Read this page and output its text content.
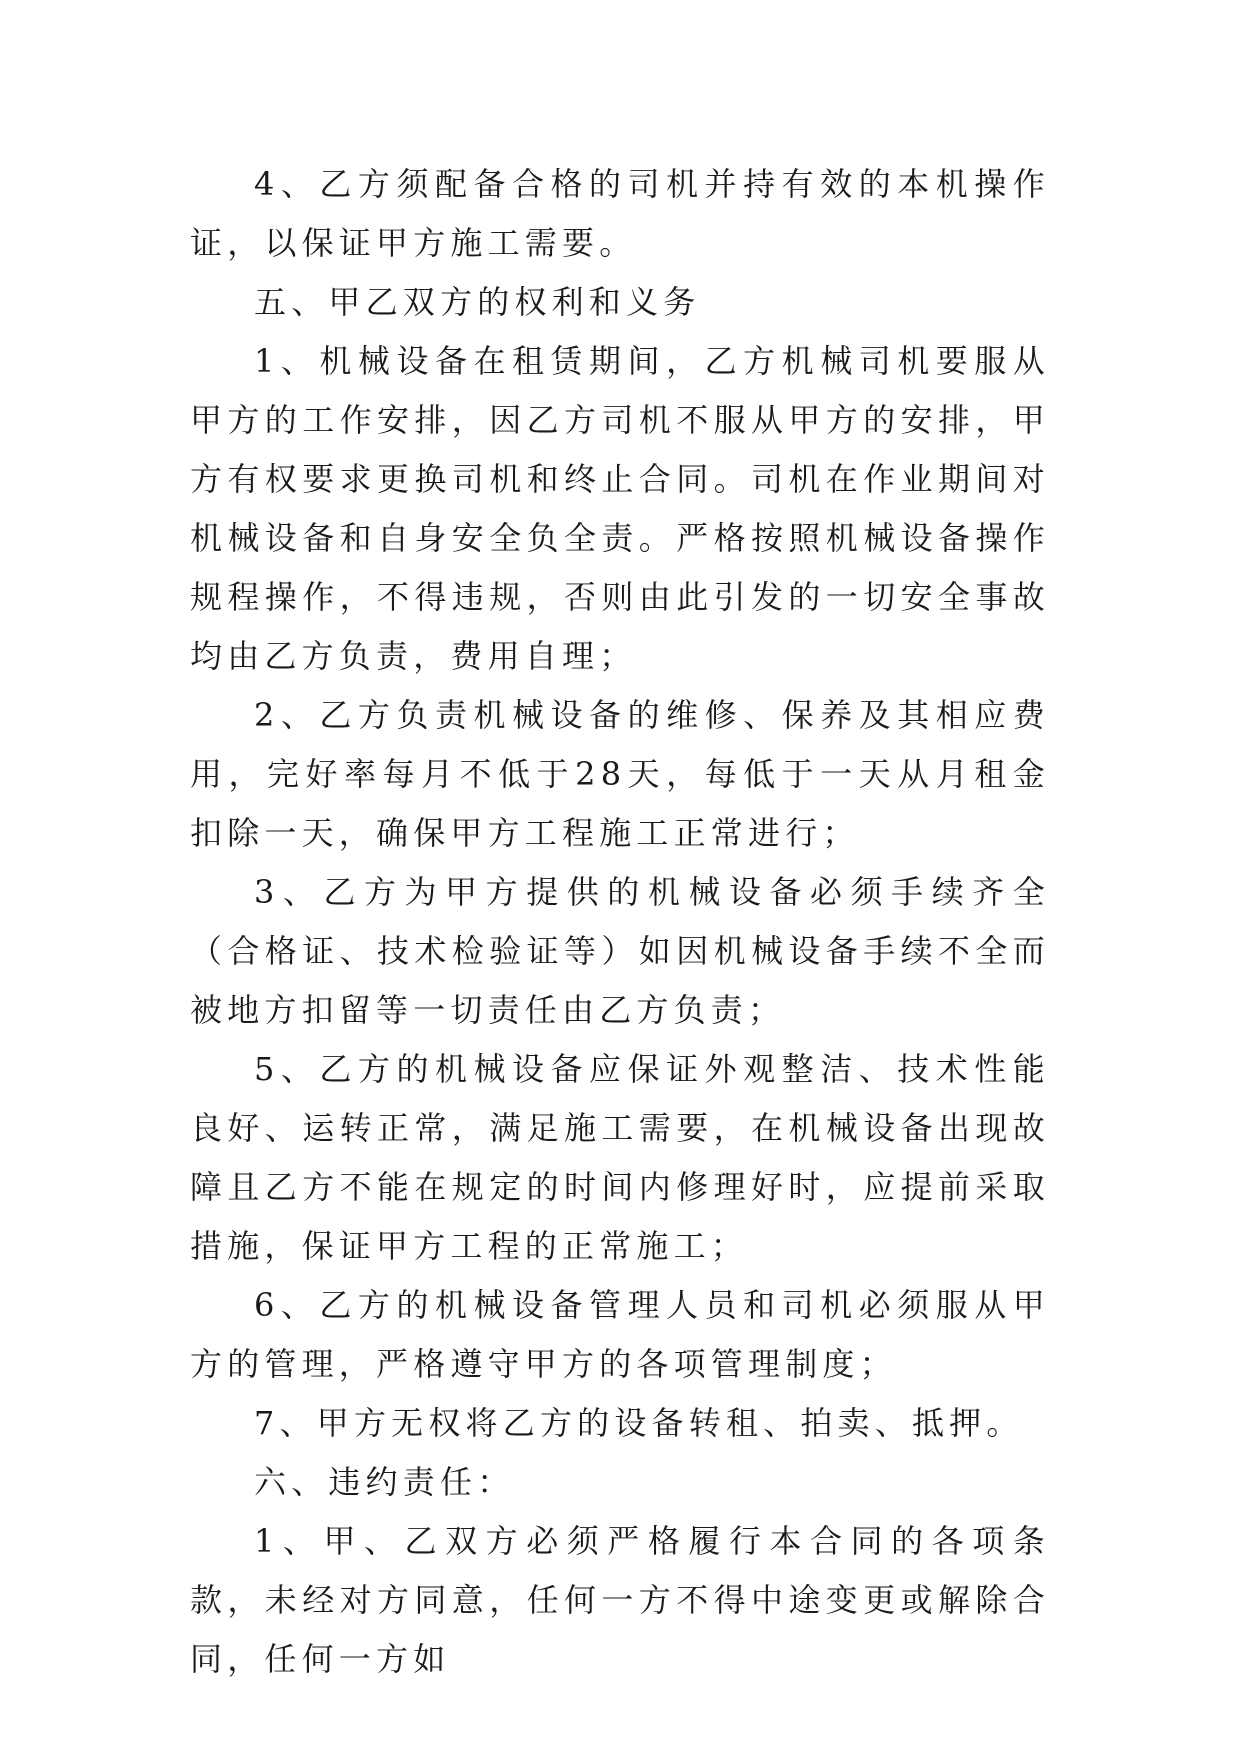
4、乙方须配备合格的司机并持有效的本机操作证，以保证甲方施工需要。

五、甲乙双方的权利和义务

1、机械设备在租赁期间，乙方机械司机要服从甲方的工作安排，因乙方司机不服从甲方的安排，甲方有权要求更换司机和终止合同。司机在作业期间对机械设备和自身安全负全责。严格按照机械设备操作规程操作，不得违规，否则由此引发的一切安全事故均由乙方负责，费用自理；

2、乙方负责机械设备的维修、保养及其相应费用，完好率每月不低于28天，每低于一天从月租金扣除一天，确保甲方工程施工正常进行；

3、乙方为甲方提供的机械设备必须手续齐全（合格证、技术检验证等）如因机械设备手续不全而被地方扣留等一切责任由乙方负责；

5、乙方的机械设备应保证外观整洁、技术性能良好、运转正常，满足施工需要，在机械设备出现故障且乙方不能在规定的时间内修理好时，应提前采取措施，保证甲方工程的正常施工；

6、乙方的机械设备管理人员和司机必须服从甲方的管理，严格遵守甲方的各项管理制度；

7、甲方无权将乙方的设备转租、拍卖、抵押。

六、违约责任：

1、甲、乙双方必须严格履行本合同的各项条款，未经对方同意，任何一方不得中途变更或解除合同，任何一方如
